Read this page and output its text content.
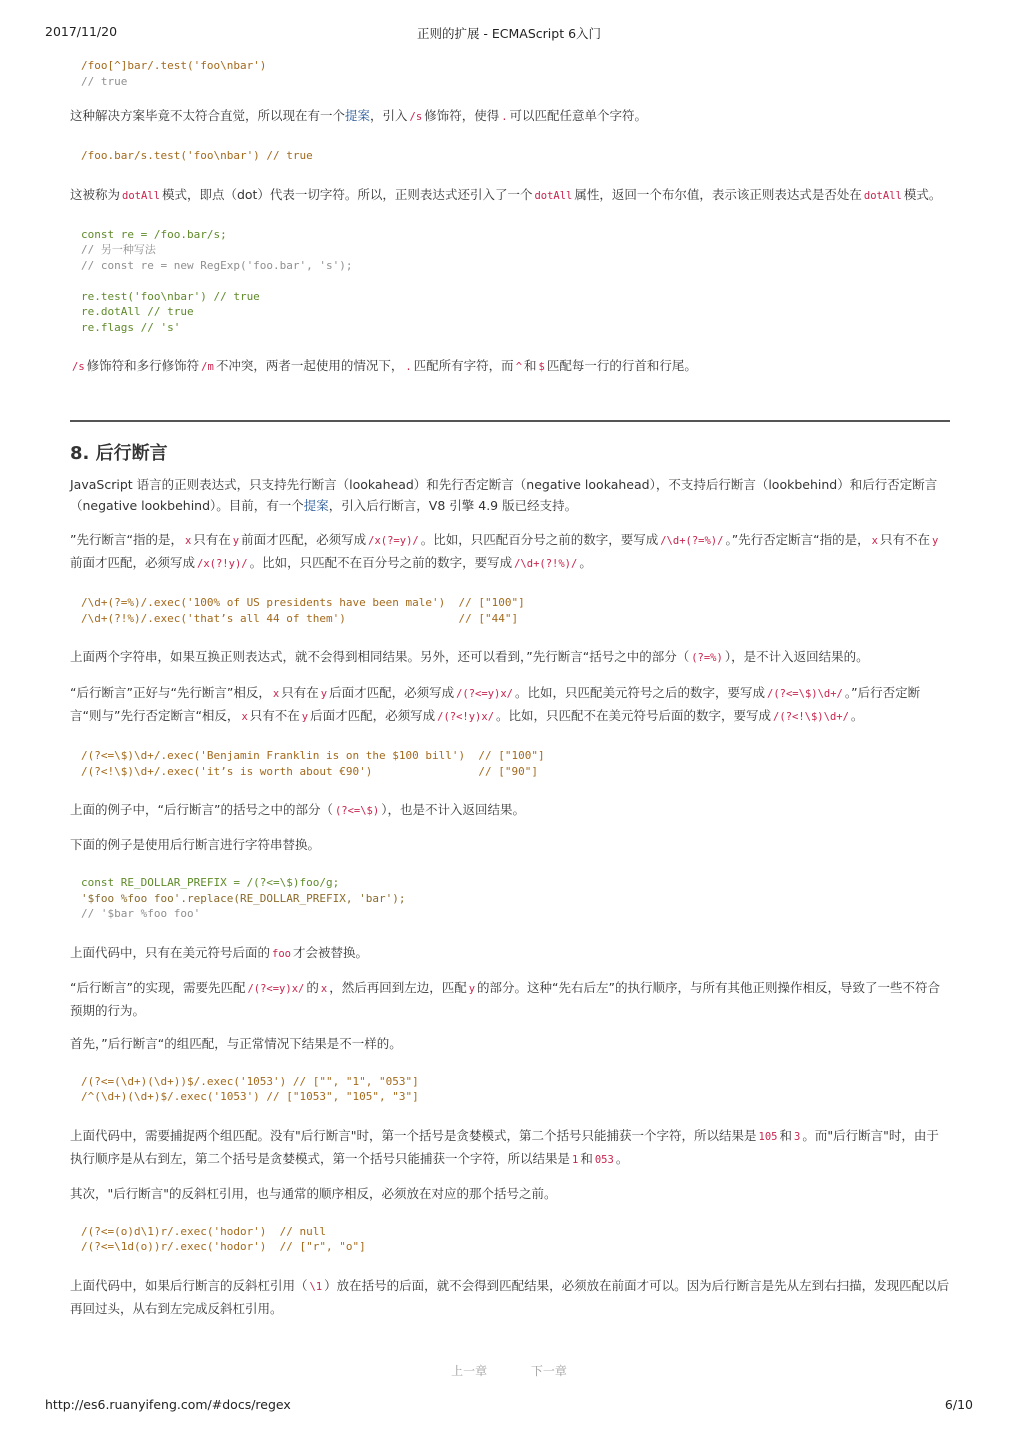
2017/11/20	正则的扩展 - ECMAScript 6入门
/foo[^]bar/.test('foo\nbar')
// true

这种解决方案毕竟不太符合直觉，所以现在有一个提案，引入 /s 修饰符，使得 . 可以匹配任意单个字符。

/foo.bar/s.test('foo\nbar') // true

这被称为 dotAll 模式，即点（dot）代表一切字符。所以，正则表达式还引入了一个 dotAll 属性，返回一个布尔值，表示该正则表达式是否处在 dotAll 模式。

const re = /foo.bar/s;
// 另一种写法
// const re = new RegExp('foo.bar', 's');

re.test('foo\nbar') // true
re.dotAll // true
re.flags // 's'

/s 修饰符和多行修饰符 /m 不冲突，两者一起使用的情况下， . 匹配所有字符，而 ^ 和 $ 匹配每一行的行首和行尾。

8. 后行断言

JavaScript 语言的正则表达式，只支持先行断言（lookahead）和先行否定断言（negative lookahead），不支持后行断言（lookbehind）和后行否定断言（negative lookbehind）。目前，有一个提案，引入后行断言，V8 引擎 4.9 版已经支持。

”先行断言“指的是， x 只有在 y 前面才匹配，必须写成 /x(?=y)/ 。比如，只匹配百分号之前的数字，要写成 /\d+(?=%)/ 。”先行否定断言“指的是， x 只有不在 y前面才匹配，必须写成 /x(?!y)/ 。比如，只匹配不在百分号之前的数字，要写成 /\d+(?!%)/ 。

/\d+(?=%)/.exec('100% of US presidents have been male')  // ["100"]
/\d+(?!%)/.exec('that’s all 44 of them')                 // ["44"]

上面两个字符串，如果互换正则表达式，就不会得到相同结果。另外，还可以看到，”先行断言“括号之中的部分（ (?=%) ），是不计入返回结果的。

“后行断言”正好与“先行断言”相反， x 只有在 y 后面才匹配，必须写成 /(?<=y)x/ 。比如，只匹配美元符号之后的数字，要写成 /(?<=\$)\d+/ 。”后行否定断言“则与”先行否定断言“相反， x 只有不在 y 后面才匹配，必须写成 /(?<!y)x/ 。比如，只匹配不在美元符号后面的数字，要写成 /(?<!\$)\d+/ 。

/(?<=\$)\d+/.exec('Benjamin Franklin is on the $100 bill')  // ["100"]
/(?<!\$)\d+/.exec('it’s is worth about €90')                // ["90"]

上面的例子中，“后行断言”的括号之中的部分（ (?<=\$) ），也是不计入返回结果。

下面的例子是使用后行断言进行字符串替换。

const RE_DOLLAR_PREFIX = /(?<=\$)foo/g;
'$foo %foo foo'.replace(RE_DOLLAR_PREFIX, 'bar');
// '$bar %foo foo'

上面代码中，只有在美元符号后面的 foo 才会被替换。

“后行断言”的实现，需要先匹配 /(?<=y)x/ 的 x ，然后再回到左边，匹配 y 的部分。这种“先右后左”的执行顺序，与所有其他正则操作相反，导致了一些不符合预期的行为。

首先，”后行断言“的组匹配，与正常情况下结果是不一样的。

/(?<=(\d+)(\d+))$/.exec('1053') // ["", "1", "053"]
/^(\d+)(\d+)$/.exec('1053') // ["1053", "105", "3"]

上面代码中，需要捕捉两个组匹配。没有"后行断言"时，第一个括号是贪婪模式，第二个括号只能捕获一个字符，所以结果是 105 和 3 。而"后行断言"时，由于执行顺序是从右到左，第二个括号是贪婪模式，第一个括号只能捕获一个字符，所以结果是 1 和 053 。

其次，"后行断言"的反斜杠引用，也与通常的顺序相反，必须放在对应的那个括号之前。

/(?<=(o)d\1)r/.exec('hodor')  // null
/(?<=\1d(o))r/.exec('hodor')  // ["r", "o"]

上面代码中，如果后行断言的反斜杠引用（ \1 ）放在括号的后面，就不会得到匹配结果，必须放在前面才可以。因为后行断言是先从左到右扫描，发现匹配以后再回过头，从右到左完成反斜杠引用。

上一章	下一章
http://es6.ruanyifeng.com/#docs/regex	6/10
